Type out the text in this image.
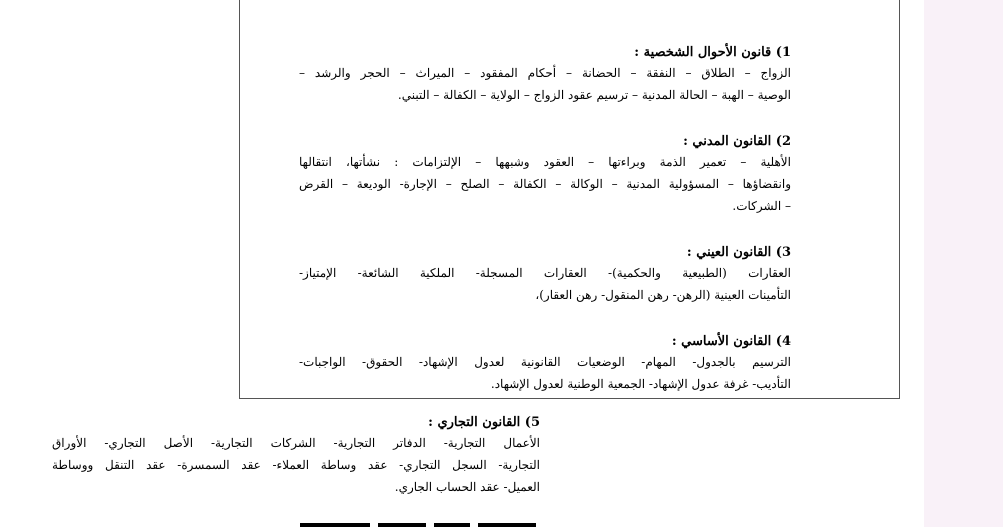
1) قانون الأحوال الشخصية :
الزواج – الطلاق – النفقة – الحضانة – أحكام المفقود – الميراث – الحجر والرشد –
الوصية – الهبة – الحالة المدنية – ترسيم عقود الزواج – الولاية – الكفالة – التبني.
2) القانون المدني :
الأهلية – تعمير الذمة وبراءتها – العقود وشبهها – الإلتزامات : نشأتها، انتقالها
وانقضاؤها – المسؤولية المدنية – الوكالة – الكفالة – الصلح – الإجارة- الوديعة – القرض
– الشركات.
3) القانون العيني :
العقارات (الطبيعية والحكمية)- العقارات المسجلة- الملكية الشائعة- الإمتياز-
التأمينات العينية (الرهن- رهن المنقول- رهن العقار)،
4) القانون الأساسي :
الترسيم بالجدول- المهام- الوضعيات القانونية لعدول الإشهاد- الحقوق- الواجبات-
التأديب- غرفة عدول الإشهاد- الجمعية الوطنية لعدول الإشهاد.
5) القانون التجاري :
الأعمال التجارية- الدفاتر التجارية- الشركات التجارية- الأصل التجاري- الأوراق
التجارية- السجل التجاري- عقد وساطة العملاء- عقد السمسرة- عقد التنقل ووساطة
العميل- عقد الحساب الجاري.
